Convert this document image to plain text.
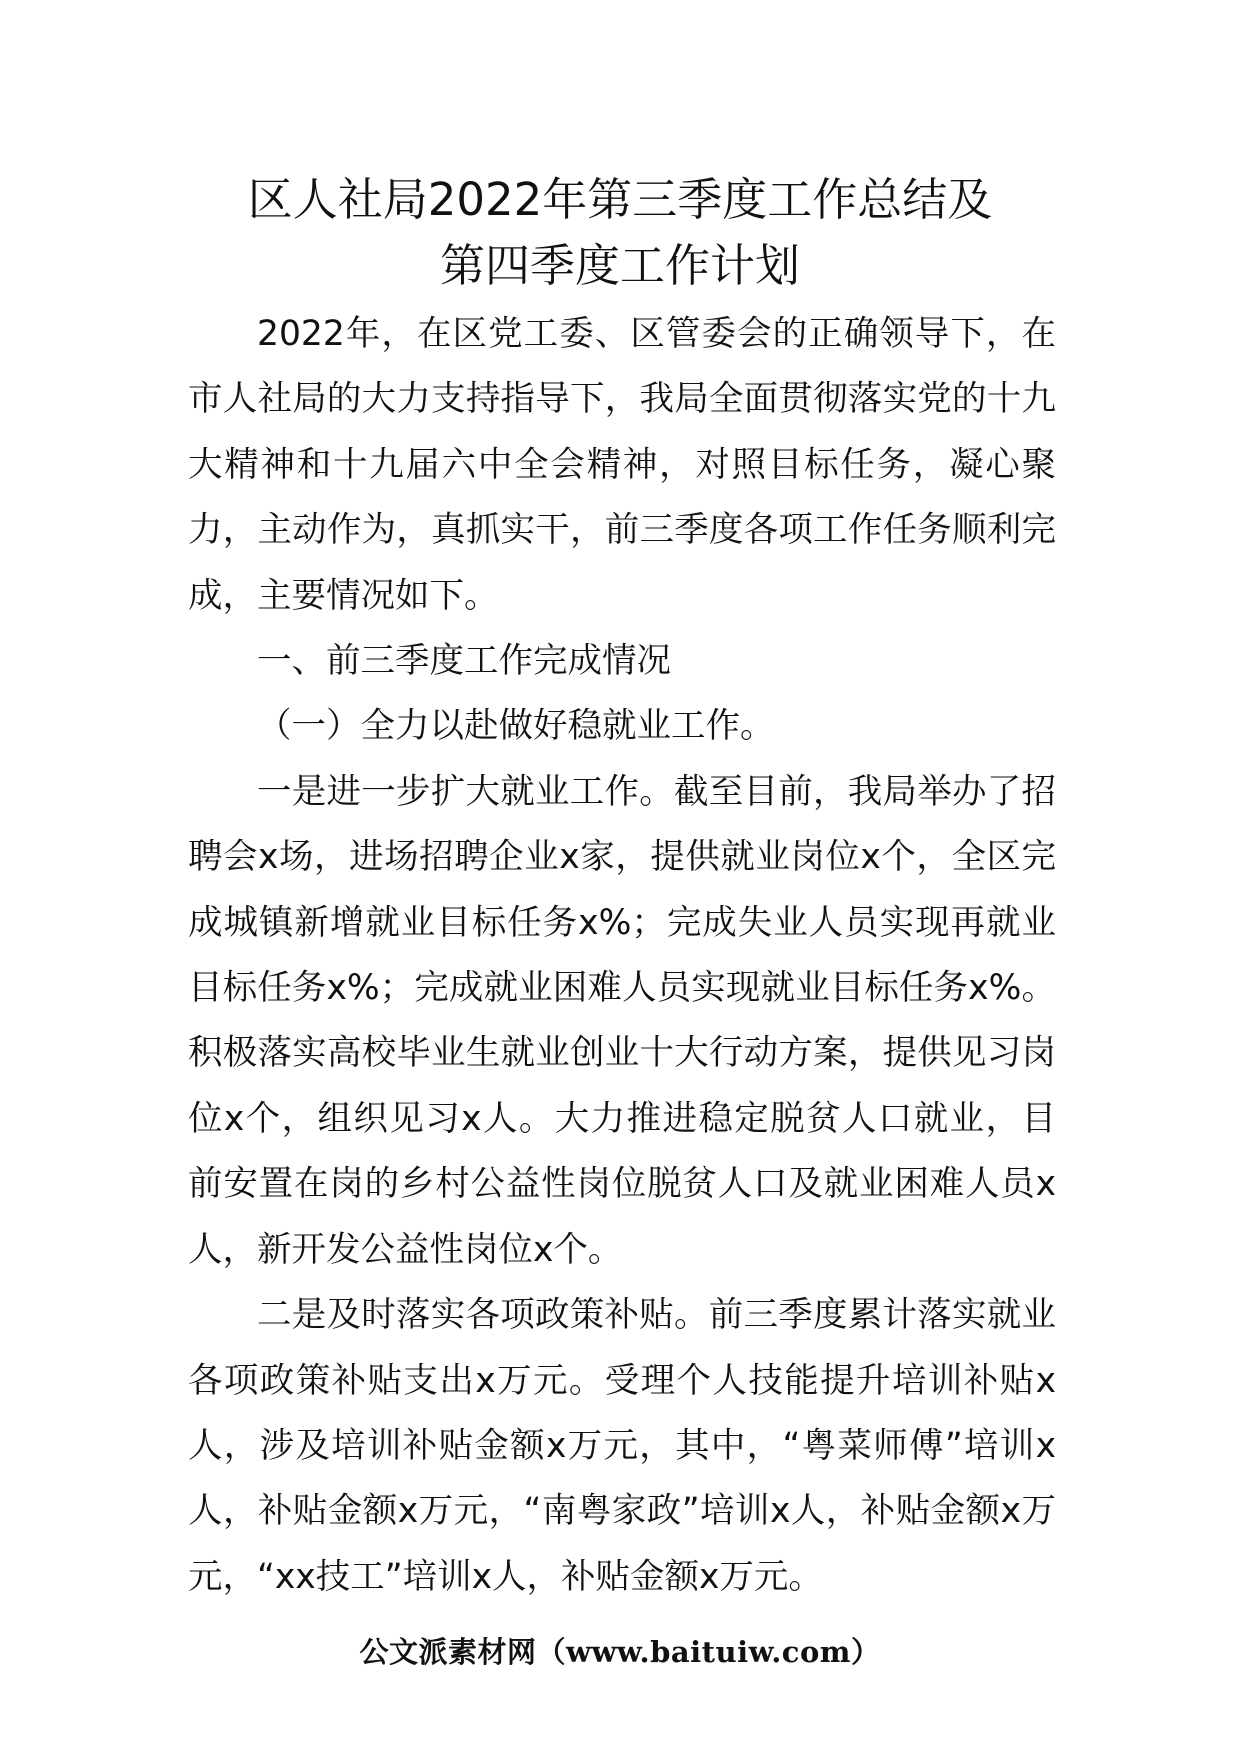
区人社局2022年第三季度工作总结及
第四季度工作计划

2022年，在区党工委、区管委会的正确领导下，在市人社局的大力支持指导下，我局全面贯彻落实党的十九大精神和十九届六中全会精神，对照目标任务，凝心聚力，主动作为，真抓实干，前三季度各项工作任务顺利完成，主要情况如下。

一、前三季度工作完成情况

（一）全力以赴做好稳就业工作。

一是进一步扩大就业工作。截至目前，我局举办了招聘会x场，进场招聘企业x家，提供就业岗位x个，全区完成城镇新增就业目标任务x%；完成失业人员实现再就业目标任务x%；完成就业困难人员实现就业目标任务x%。积极落实高校毕业生就业创业十大行动方案，提供见习岗位x个，组织见习x人。大力推进稳定脱贫人口就业，目前安置在岗的乡村公益性岗位脱贫人口及就业困难人员x人，新开发公益性岗位x个。

二是及时落实各项政策补贴。前三季度累计落实就业各项政策补贴支出x万元。受理个人技能提升培训补贴x人，涉及培训补贴金额x万元，其中，“粤菜师傅”培训x人，补贴金额x万元，“南粤家政”培训x人，补贴金额x万元，“xx技工”培训x人，补贴金额x万元。

公文派素材网（www.baituiw.com）
